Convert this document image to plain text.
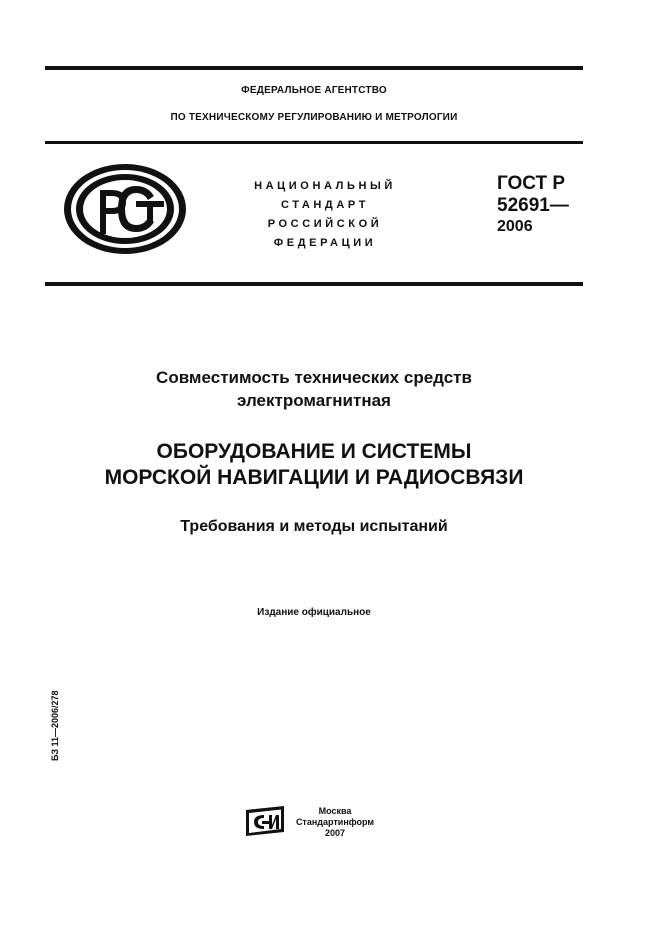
ФЕДЕРАЛЬНОЕ АГЕНТСТВО
ПО ТЕХНИЧЕСКОМУ РЕГУЛИРОВАНИЮ И МЕТРОЛОГИИ
НАЦИОНАЛЬНЫЙ
СТАНДАРТ
РОССИЙСКОЙ
ФЕДЕРАЦИИ
ГОСТ Р
52691—
2006
Совместимость технических средств
электромагнитная
ОБОРУДОВАНИЕ И СИСТЕМЫ
МОРСКОЙ НАВИГАЦИИ И РАДИОСВЯЗИ
Требования и методы испытаний
Издание официальное
БЗ 11—2006/278
Москва
Стандартинформ
2007
